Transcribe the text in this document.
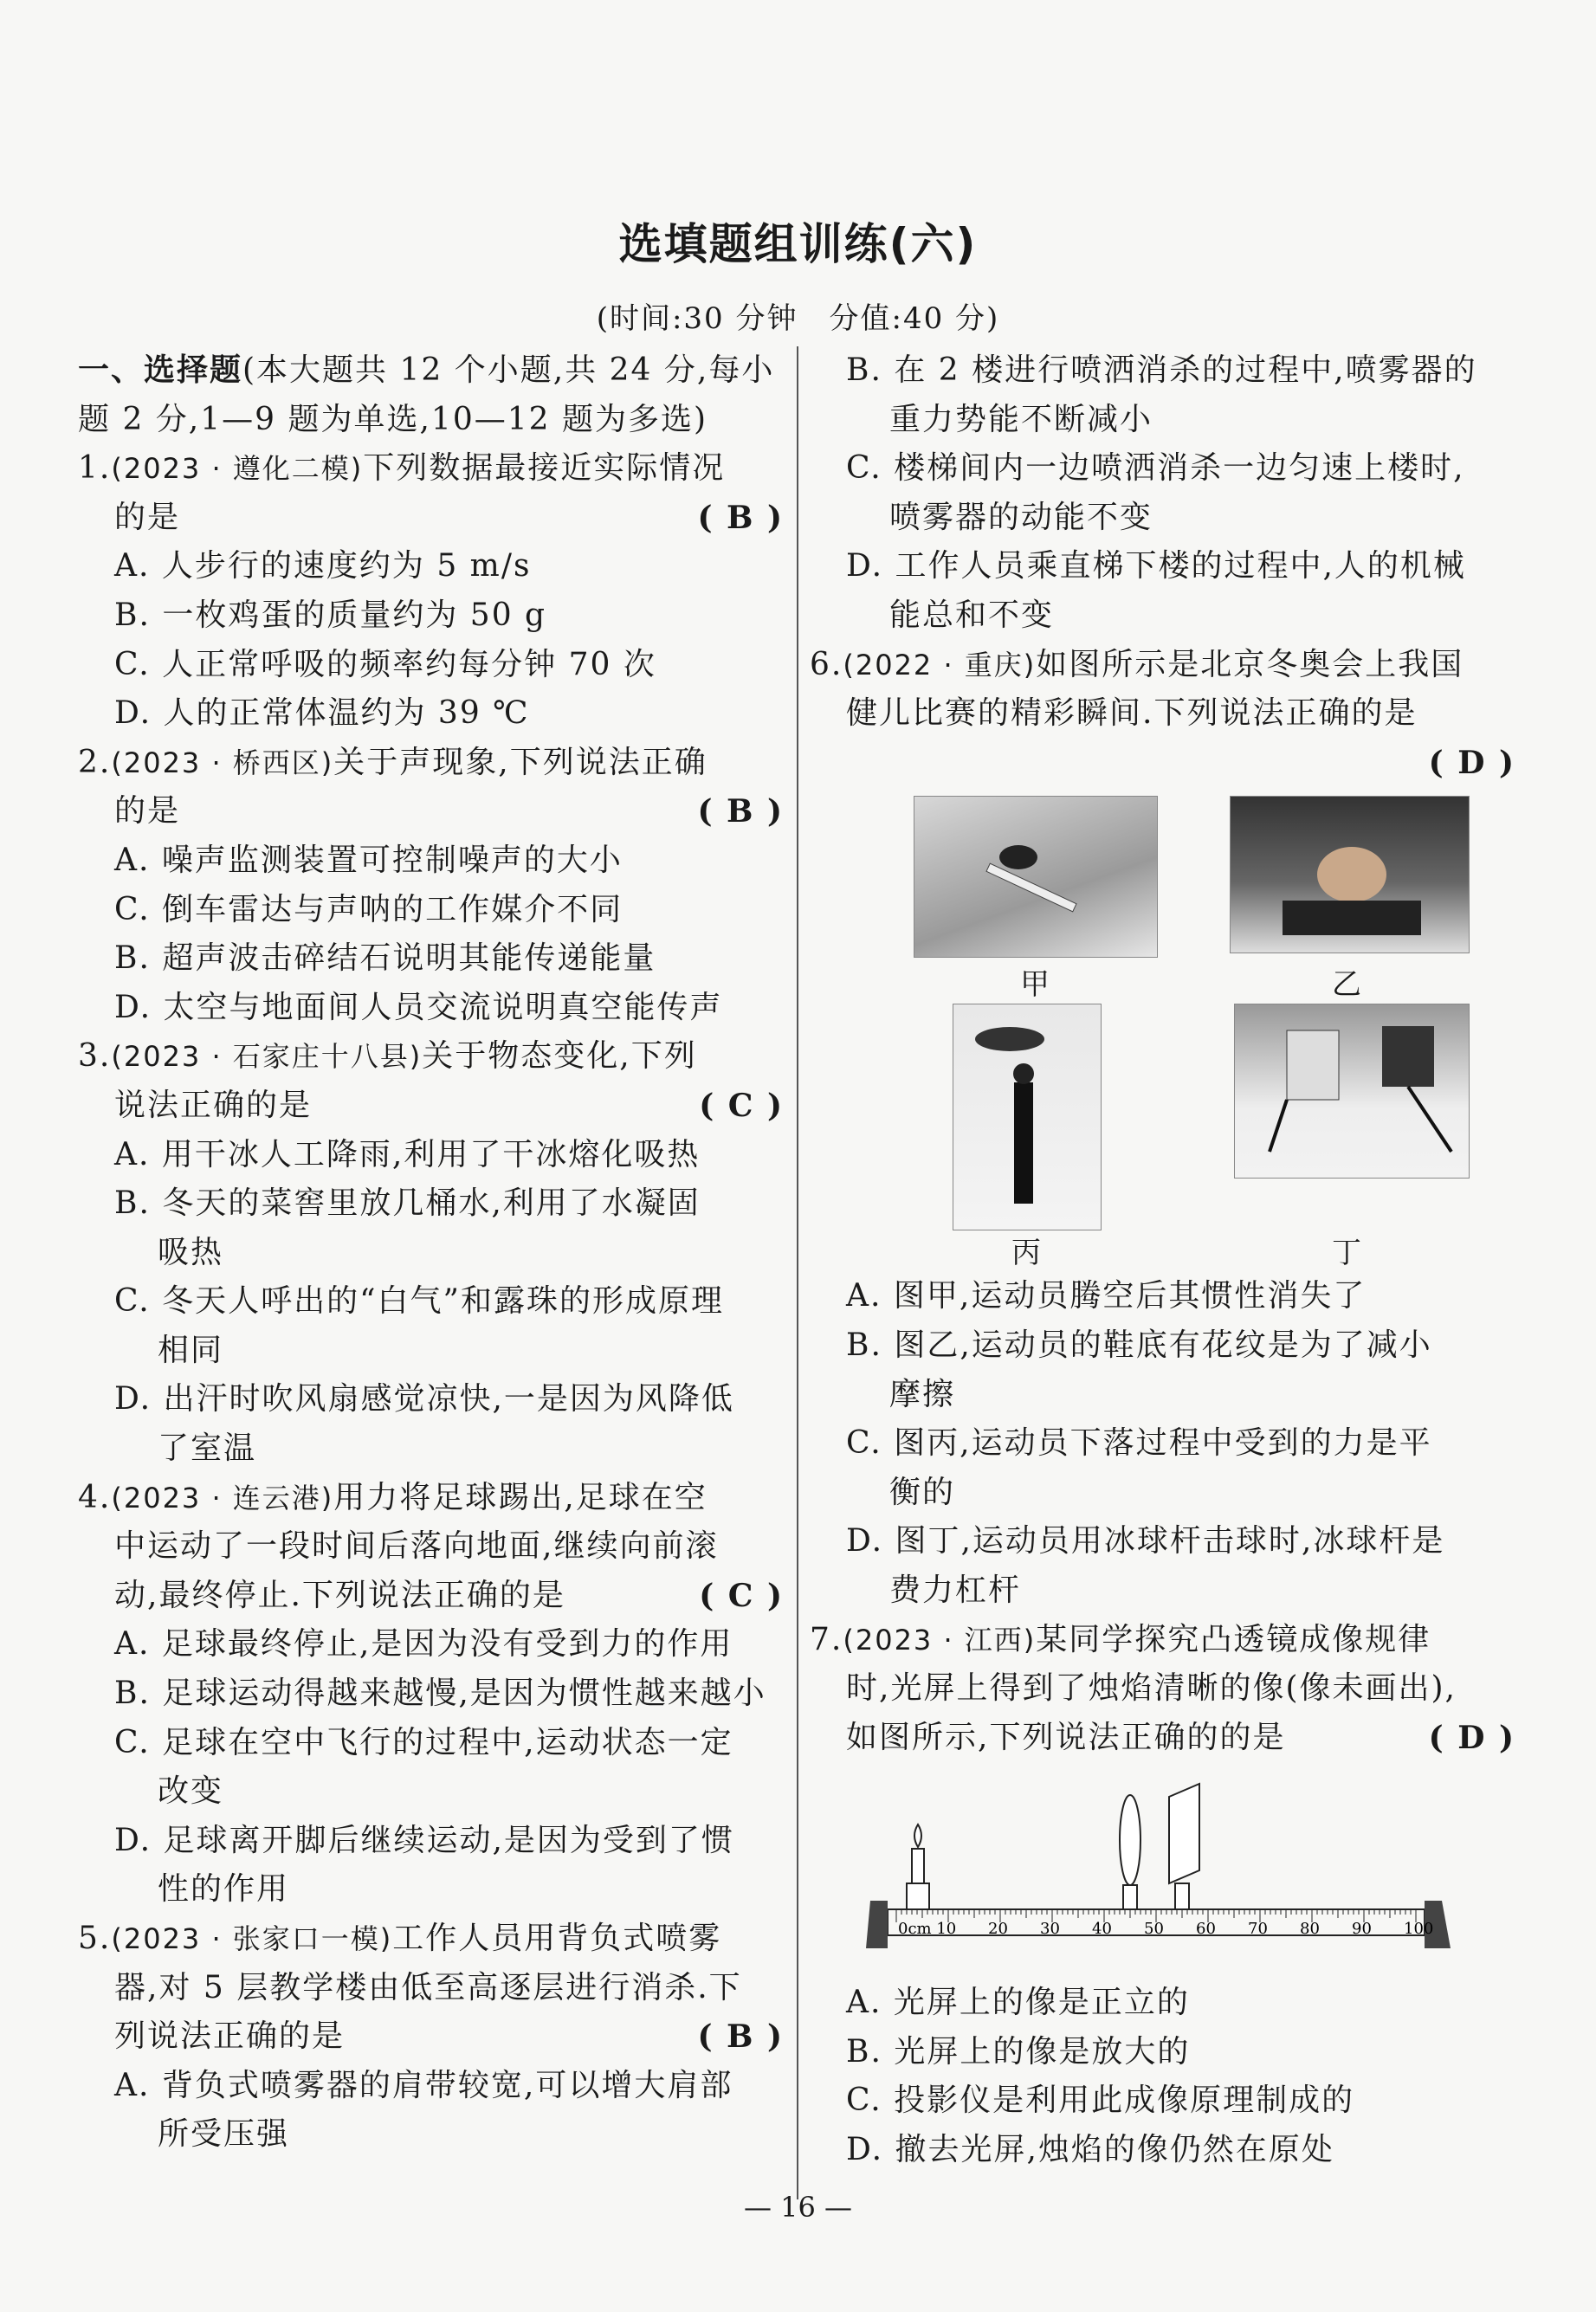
选填题组训练(六)
(时间:30 分钟　分值:40 分)
一、选择题(本大题共 12 个小题,共 24 分,每小
题 2 分,1—9 题为单选,10—12 题为多选)
1.(2023 · 遵化二模)下列数据最接近实际情况
的是	( B )
A. 人步行的速度约为 5 m/s
B. 一枚鸡蛋的质量约为 50 g
C. 人正常呼吸的频率约每分钟 70 次
D. 人的正常体温约为 39 ℃
2.(2023 · 桥西区)关于声现象,下列说法正确
的是	( B )
A. 噪声监测装置可控制噪声的大小
C. 倒车雷达与声呐的工作媒介不同
B. 超声波击碎结石说明其能传递能量
D. 太空与地面间人员交流说明真空能传声
3.(2023 · 石家庄十八县)关于物态变化,下列
说法正确的是	( C )
A. 用干冰人工降雨,利用了干冰熔化吸热
B. 冬天的菜窖里放几桶水,利用了水凝固
吸热
C. 冬天人呼出的“白气”和露珠的形成原理
相同
D. 出汗时吹风扇感觉凉快,一是因为风降低
了室温
4.(2023 · 连云港)用力将足球踢出,足球在空
中运动了一段时间后落向地面,继续向前滚
动,最终停止.下列说法正确的是	( C )
A. 足球最终停止,是因为没有受到力的作用
B. 足球运动得越来越慢,是因为惯性越来越小
C. 足球在空中飞行的过程中,运动状态一定
改变
D. 足球离开脚后继续运动,是因为受到了惯
性的作用
5.(2023 · 张家口一模)工作人员用背负式喷雾
器,对 5 层教学楼由低至高逐层进行消杀.下
列说法正确的是	( B )
A. 背负式喷雾器的肩带较宽,可以增大肩部
所受压强
B. 在 2 楼进行喷洒消杀的过程中,喷雾器的
重力势能不断减小
C. 楼梯间内一边喷洒消杀一边匀速上楼时,
喷雾器的动能不变
D. 工作人员乘直梯下楼的过程中,人的机械
能总和不变
6.(2022 · 重庆)如图所示是北京冬奥会上我国
健儿比赛的精彩瞬间.下列说法正确的是
( D )
甲	乙
丙	丁
A. 图甲,运动员腾空后其惯性消失了
B. 图乙,运动员的鞋底有花纹是为了减小
摩擦
C. 图丙,运动员下落过程中受到的力是平
衡的
D. 图丁,运动员用冰球杆击球时,冰球杆是
费力杠杆
7.(2023 · 江西)某同学探究凸透镜成像规律
时,光屏上得到了烛焰清晰的像(像未画出),
如图所示,下列说法正确的的是	( D )
0cm 10 20 30 40 50 60 70 80 90 100
A. 光屏上的像是正立的
B. 光屏上的像是放大的
C. 投影仪是利用此成像原理制成的
D. 撤去光屏,烛焰的像仍然在原处
— 16 —
